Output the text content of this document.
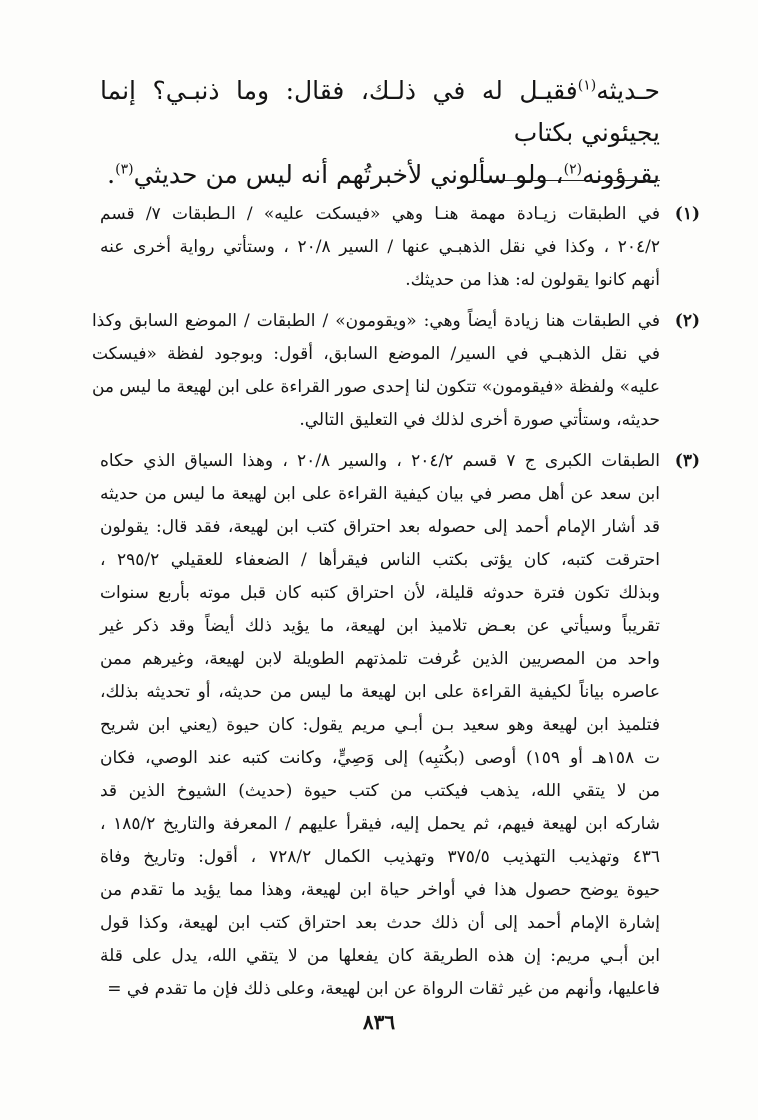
حـديثه$^{(١)}$فقيـل له في ذلـك، فقال: وما ذنبـي؟ إنما يجيئوني بكتاب

يقرؤونه$^{(٢)}$، ولو سألوني لأخبرتُهم أنه ليس من حديثي$^{(٣)}$.

(١)
في الطبقات زيـادة مهمة هنـا وهي «فيسكت عليه» / الـطبقات ٧/ قسم
٢٠٤/٢ ، وكذا في نقل الذهبـي عنها / السير ٢٠/٨ ، وستأتي رواية أخرى عنه
أنهم كانوا يقولون له: هذا من حديثك.
(٢)
في الطبقات هنا زيادة أيضاً وهي: «ويقومون» / الطبقات / الموضع السابق وكذا
في نقل الذهبـي في السير/ الموضع السابق، أقول: وبوجود لفظة «فيسكت
عليه» ولفظة «فيقومون» تتكون لنا إحدى صور القراءة على ابن لهيعة ما ليس من
حديثه، وستأتي صورة أخرى لذلك في التعليق التالي.
(٣)
الطبقات الكبرى ج ٧ قسم ٢٠٤/٢ ، والسير ٢٠/٨ ، وهذا السياق الذي حكاه
ابن سعد عن أهل مصر في بيان كيفية القراءة على ابن لهيعة ما ليس من حديثه
قد أشار الإمام أحمد إلى حصوله بعد احتراق كتب ابن لهيعة، فقد قال: يقولون
احترقت كتبه، كان يؤتى بكتب الناس فيقرأها / الضعفاء للعقيلي ٢٩٥/٢ ،
وبذلك تكون فترة حدوثه قليلة، لأن احتراق كتبه كان قبل موته بأربع سنوات
تقريباً وسيأتي عن بعـض تلاميذ ابن لهيعة، ما يؤيد ذلك أيضاً وقد ذكر غير
واحد من المصريين الذين عُرفت تلمذتهم الطويلة لابن لهيعة، وغيرهم ممن
عاصره بياناً لكيفية القراءة على ابن لهيعة ما ليس من حديثه، أو تحديثه بذلك،
فتلميذ ابن لهيعة وهو سعيد بـن أبـي مريم يقول: كان حيوة (يعني ابن شريح
ت ١٥٨هـ أو ١٥٩) أوصى (بكُتبِه) إلى وَصِيٍّ، وكانت كتبه عند الوصي، فكان
من لا يتقي الله، يذهب فيكتب من كتب حيوة (حديث) الشيوخ الذين قد
شاركه ابن لهيعة فيهم، ثم يحمل إليه، فيقرأ عليهم / المعرفة والتاريخ ١٨٥/٢ ،
٤٣٦ وتهذيب التهذيب ٣٧٥/٥ وتهذيب الكمال ٧٢٨/٢ ، أقول: وتاريخ وفاة
حيوة يوضح حصول هذا في أواخر حياة ابن لهيعة، وهذا مما يؤيد ما تقدم من
إشارة الإمام أحمد إلى أن ذلك حدث بعد احتراق كتب ابن لهيعة، وكذا قول
ابن أبـي مريم: إن هذه الطريقة كان يفعلها من لا يتقي الله، يدل على قلة
فاعليها، وأنهم من غير ثقات الرواة عن ابن لهيعة، وعلى ذلك فإن ما تقدم في =
٨٣٦
